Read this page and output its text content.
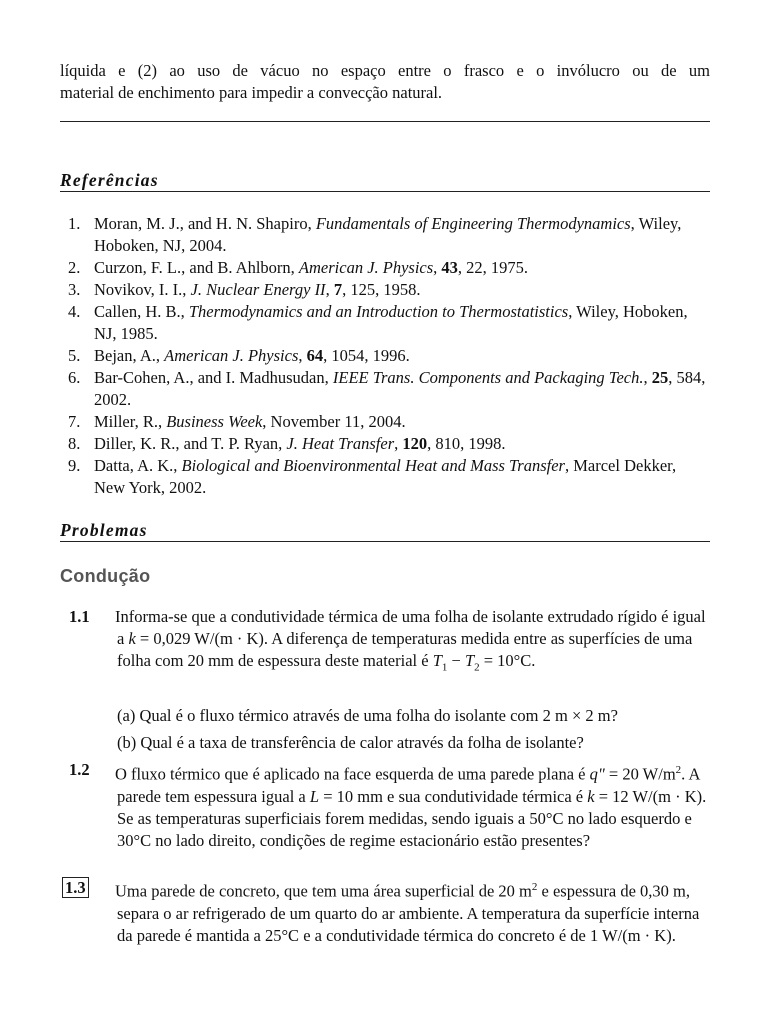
líquida e (2) ao uso de vácuo no espaço entre o frasco e o invólucro ou de um
material de enchimento para impedir a convecção natural.
Referências
1. Moran, M. J., and H. N. Shapiro, Fundamentals of Engineering Thermodynamics, Wiley, Hoboken, NJ, 2004.
2. Curzon, F. L., and B. Ahlborn, American J. Physics, 43, 22, 1975.
3. Novikov, I. I., J. Nuclear Energy II, 7, 125, 1958.
4. Callen, H. B., Thermodynamics and an Introduction to Thermostatistics, Wiley, Hoboken, NJ, 1985.
5. Bejan, A., American J. Physics, 64, 1054, 1996.
6. Bar-Cohen, A., and I. Madhusudan, IEEE Trans. Components and Packaging Tech., 25, 584, 2002.
7. Miller, R., Business Week, November 11, 2004.
8. Diller, K. R., and T. P. Ryan, J. Heat Transfer, 120, 810, 1998.
9. Datta, A. K., Biological and Bioenvironmental Heat and Mass Transfer, Marcel Dekker, New York, 2002.
Problemas
Condução
1.1 Informa-se que a condutividade térmica de uma folha de isolante extrudado rígido é igual a k = 0,029 W/(m · K). A diferença de temperaturas medida entre as superfícies de uma folha com 20 mm de espessura deste material é $T_1 - T_2 = 10^\circ C$.
(a) Qual é o fluxo térmico através de uma folha do isolante com 2 m × 2 m?
(b) Qual é a taxa de transferência de calor através da folha de isolante?
1.2 O fluxo térmico que é aplicado na face esquerda de uma parede plana é q" = 20 $W/m^2$. A parede tem espessura igual a L = 10 mm e sua condutividade térmica é k = 12 W/(m · K). Se as temperaturas superficiais forem medidas, sendo iguais a 50°C no lado esquerdo e 30°C no lado direito, condições de regime estacionário estão presentes?
1.3 Uma parede de concreto, que tem uma área superficial de 20 $m^2$ e espessura de 0,30 m, separa o ar refrigerado de um quarto do ar ambiente. A temperatura da superfície interna da parede é mantida a 25°C e a condutividade térmica do concreto é de 1 W/(m · K).
